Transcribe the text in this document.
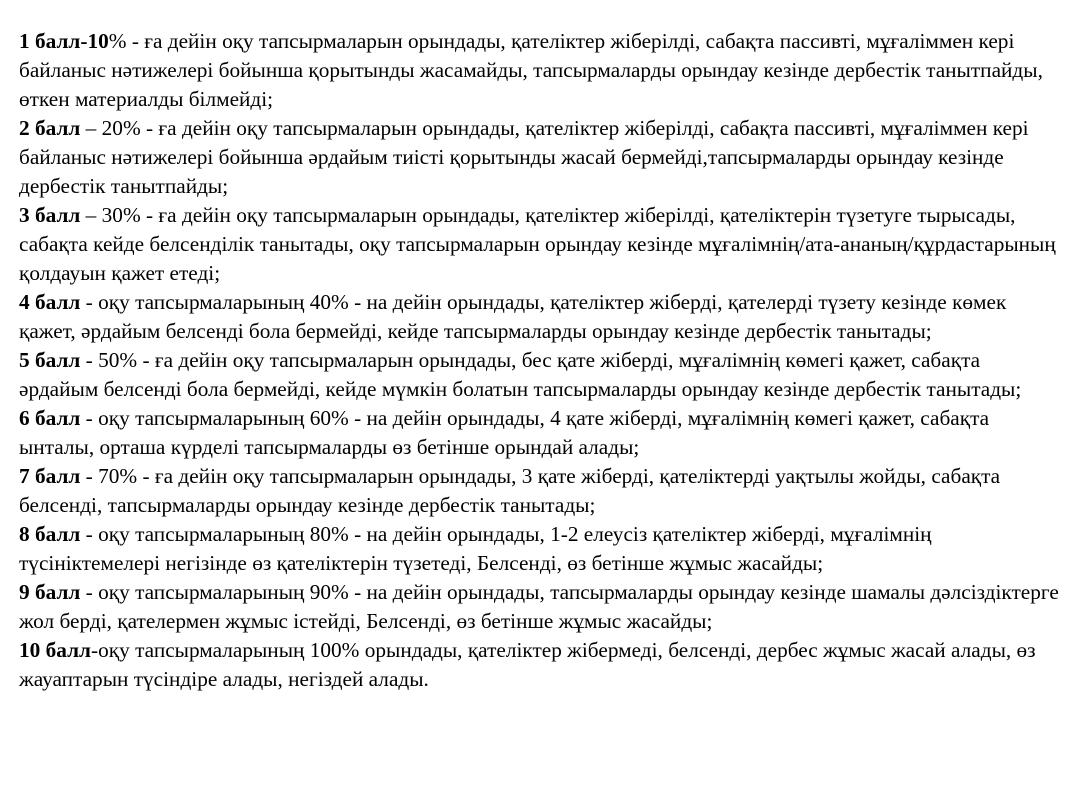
1 балл-10% - ға дейін оқу тапсырмаларын орындады, қателіктер жіберілді, сабақта пассивті, мұғаліммен кері байланыс нәтижелері бойынша қорытынды жасамайды, тапсырмаларды орындау кезінде дербестік танытпайды, өткен материалды білмейді;

2 балл – 20% - ға дейін оқу тапсырмаларын орындады, қателіктер жіберілді, сабақта пассивті, мұғаліммен кері байланыс нәтижелері бойынша әрдайым тиісті қорытынды жасай бермейді,тапсырмаларды орындау кезінде дербестік танытпайды;

3 балл – 30% - ға дейін оқу тапсырмаларын орындады, қателіктер жіберілді, қателіктерін түзетуге тырысады, сабақта кейде белсенділік танытады, оқу тапсырмаларын орындау кезінде мұғалімнің/ата-ананың/құрдастарының қолдауын қажет етеді;

4 балл - оқу тапсырмаларының 40% - на дейін орындады, қателіктер жіберді, қателерді түзету кезінде көмек қажет, әрдайым белсенді бола бермейді, кейде тапсырмаларды орындау кезінде дербестік танытады;

5 балл - 50% - ға дейін оқу тапсырмаларын орындады, бес қате жіберді, мұғалімнің көмегі қажет, сабақта әрдайым белсенді бола бермейді, кейде мүмкін болатын тапсырмаларды орындау кезінде дербестік танытады;

6 балл - оқу тапсырмаларының 60% - на дейін орындады, 4 қате жіберді, мұғалімнің көмегі қажет, сабақта ынталы, орташа күрделі тапсырмаларды өз бетінше орындай алады;

7 балл - 70% - ға дейін оқу тапсырмаларын орындады, 3 қате жіберді, қателіктерді уақтылы жойды, сабақта белсенді, тапсырмаларды орындау кезінде дербестік танытады;

8 балл - оқу тапсырмаларының 80% - на дейін орындады, 1-2 елеусіз қателіктер жіберді, мұғалімнің түсініктемелері негізінде өз қателіктерін түзетеді, Белсенді, өз бетінше жұмыс жасайды;

9 балл - оқу тапсырмаларының 90% - на дейін орындады, тапсырмаларды орындау кезінде шамалы дәлсіздіктерге жол берді, қателермен жұмыс істейді, Белсенді, өз бетінше жұмыс жасайды;

10 балл-оқу тапсырмаларының 100% орындады, қателіктер жібермеді, белсенді, дербес жұмыс жасай алады, өз жауаптарын түсіндіре алады, негіздей алады.
